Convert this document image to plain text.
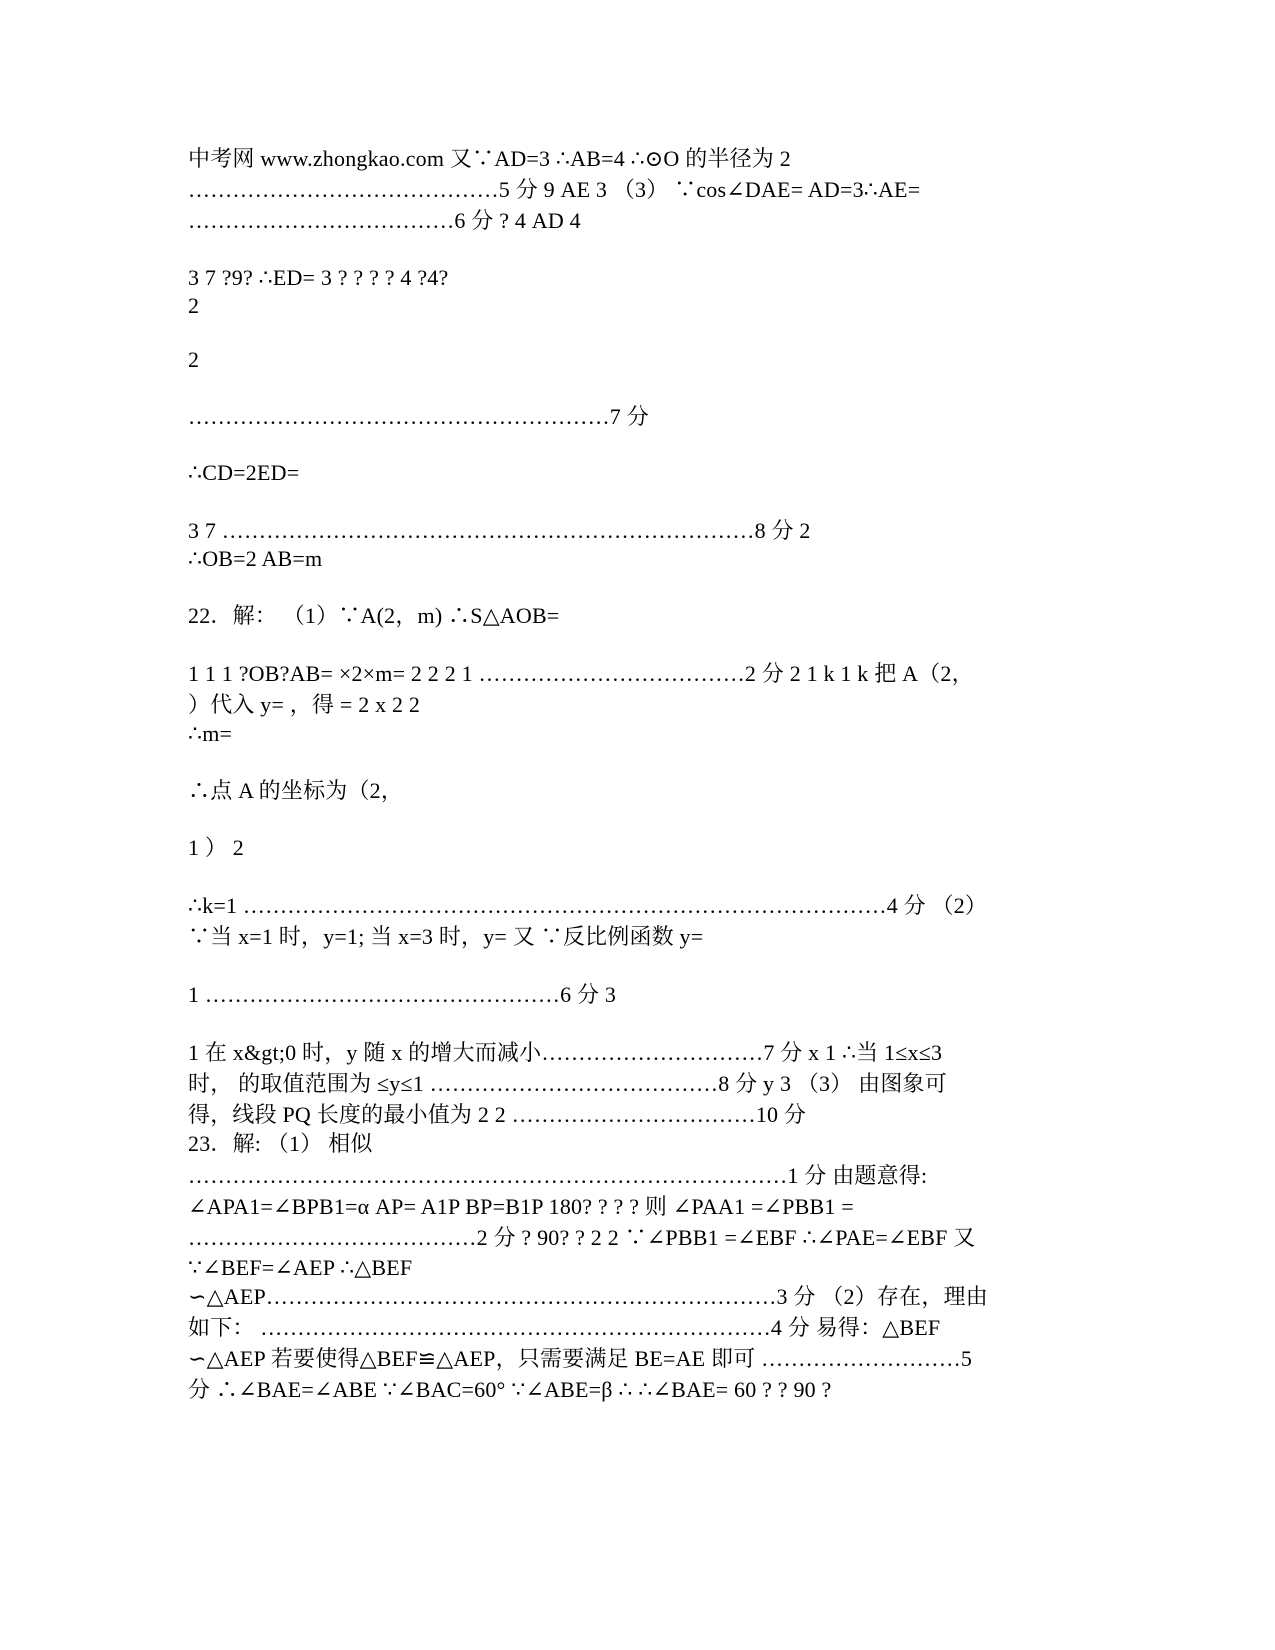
中考网 www.zhongkao.com 又∵AD=3 ∴AB=4 ∴⊙O 的半径为 2
……………………………………5 分 9 AE 3 （3） ∵cos∠DAE= AD=3∴AE=
………………………………6 分 ? 4 AD 4
3 7 ?9? ∴ED= 3 ? ? ? ? 4 ?4?
2
2
…………………………………………………7 分
∴CD=2ED=
3 7 ………………………………………………………………8 分 2
∴OB=2 AB=m
22．解： （1）∵A(2，m) ∴S△AOB=
1 1 1 ?OB?AB= ×2×m= 2 2 2 1 ………………………………2 分 2 1 k 1 k 把 A（2，
）代入 y= ，得 = 2 x 2 2
∴m=
∴点 A 的坐标为（2，
1 ） 2
∴k=1 ……………………………………………………………………………4 分 （2）
∵当 x=1 时，y=1; 当 x=3 时，y= 又 ∵反比例函数 y=
1 …………………………………………6 分 3
1 在 x&gt;0 时，y 随 x 的增大而减小…………………………7 分 x 1 ∴当 1≤x≤3
时， 的取值范围为 ≤y≤1 …………………………………8 分 y 3 （3） 由图象可
得，线段 PQ 长度的最小值为 2 2 ……………………………10 分
23．解: （1） 相似
………………………………………………………………………1 分 由题意得:
∠APA1=∠BPB1=α AP= A1P BP=B1P 180? ? ? ? 则 ∠PAA1 =∠PBB1 =
…………………………………2 分 ? 90? ? 2 2 ∵∠PBB1 =∠EBF ∴∠PAE=∠EBF 又
∵∠BEF=∠AEP ∴△BEF
∽△AEP……………………………………………………………3 分 （2）存在，理由
如下： ……………………………………………………………4 分 易得：△BEF
∽△AEP 若要使得△BEF≌△AEP，只需要满足 BE=AE 即可 ………………………5
分 ∴∠BAE=∠ABE ∵∠BAC=60° ∵∠ABE=β ∴ ∴∠BAE= 60 ? ? 90 ?
